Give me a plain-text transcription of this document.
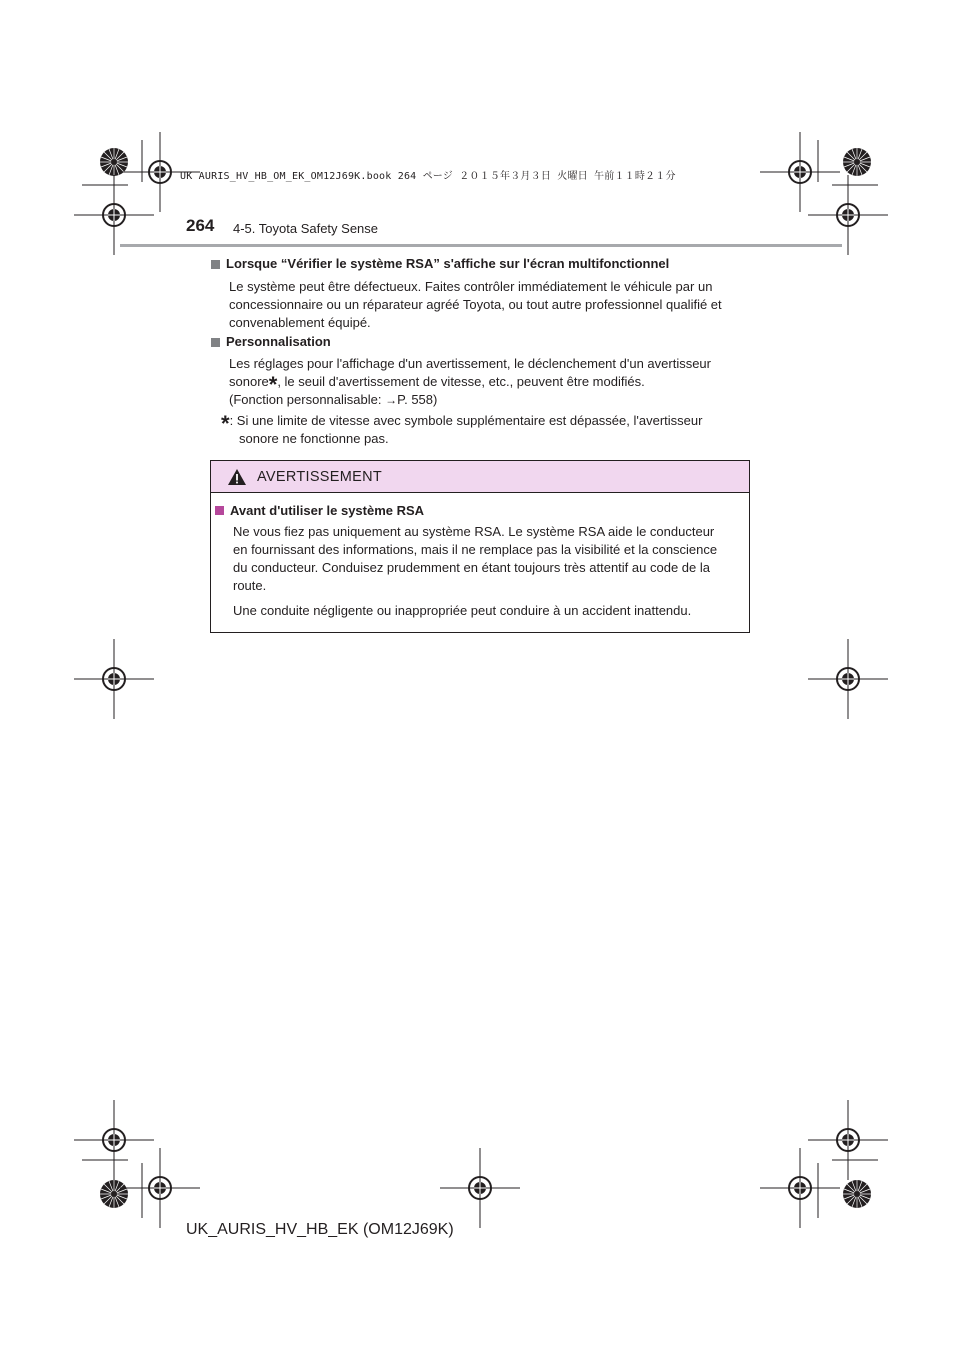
UK AURIS_HV_HB_OM_EK_OM12J69K.book 264 ページ ２０１５年３月３日 火曜日 午前１１時２１分
264 4-5. Toyota Safety Sense
Lorsque “Vérifier le système RSA” s'affiche sur l'écran multifonctionnel
Le système peut être défectueux. Faites contrôler immédiatement le véhicule par un
concessionnaire ou un réparateur agréé Toyota, ou tout autre professionnel qualifié et
convenablement équipé.
Personnalisation
Les réglages pour l'affichage d'un avertissement, le déclenchement d'un avertisseur
sonore*, le seuil d'avertissement de vitesse, etc., peuvent être modifiés.
(Fonction personnalisable: →P. 558)
*: Si une limite de vitesse avec symbole supplémentaire est dépassée, l'avertisseur
sonore ne fonctionne pas.
AVERTISSEMENT
Avant d'utiliser le système RSA
Ne vous fiez pas uniquement au système RSA. Le système RSA aide le conducteur
en fournissant des informations, mais il ne remplace pas la visibilité et la conscience
du conducteur. Conduisez prudemment en étant toujours très attentif au code de la
route.
Une conduite négligente ou inappropriée peut conduire à un accident inattendu.
UK_AURIS_HV_HB_EK (OM12J69K)
